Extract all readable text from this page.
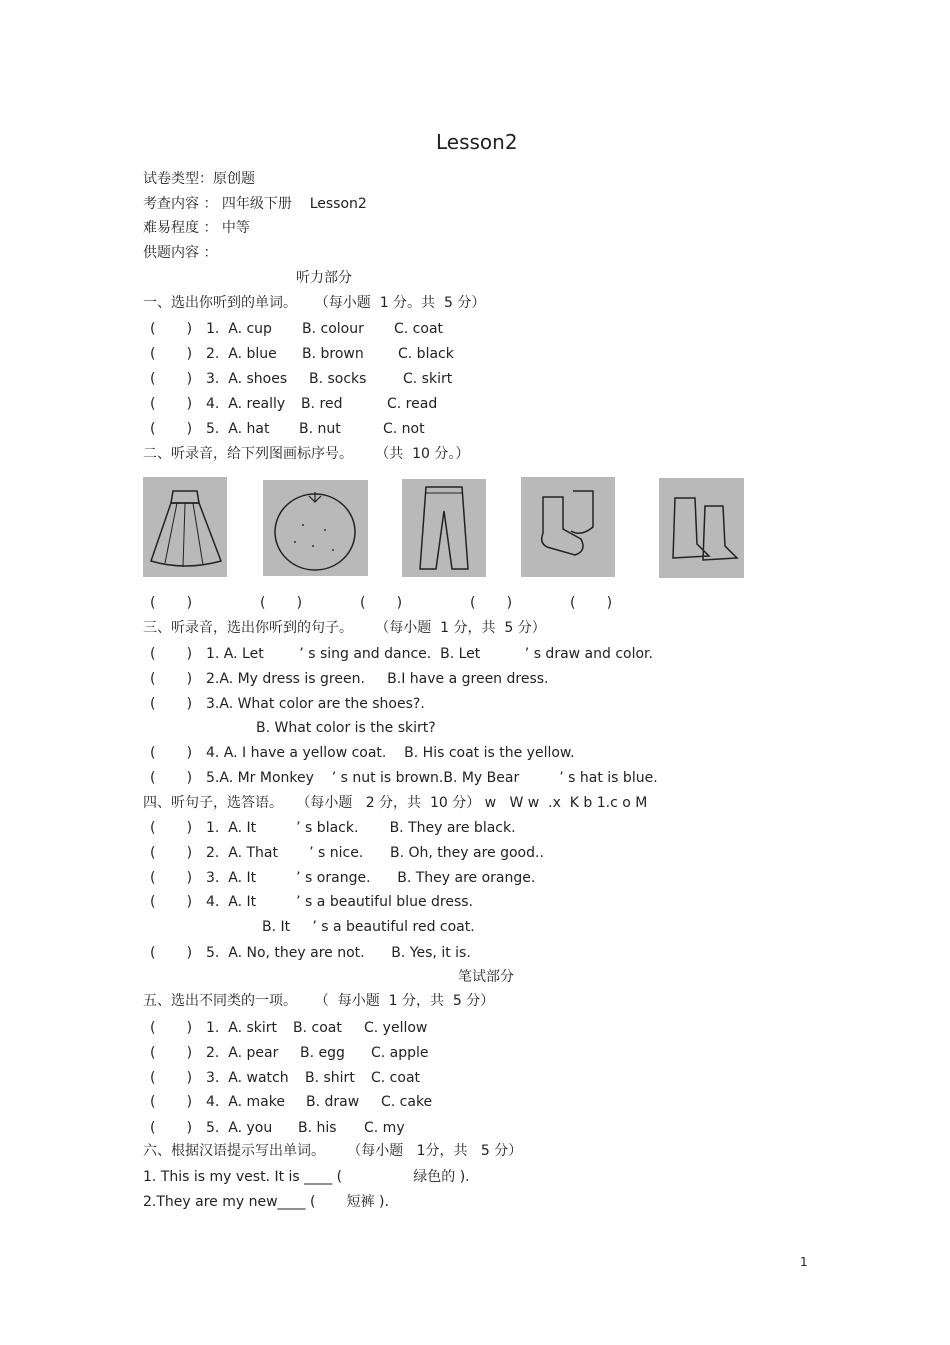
Lesson2
试卷类型：原创题
考查内容 ： 四年级下册    Lesson2
难易程度 ： 中等
供题内容 ：
听力部分
一、选出你听到的单词。    （每小题  1 分。共  5 分）
(       ) 1.  A. cup B. colour C. coat
(       ) 2.  A. blue B. brown C. black
(       ) 3.  A. shoes B. socks	C. skirt
(       ) 4.  A. really B. red	C. read
(       ) 5.  A. hat B. nut	C. not
二、听录音，给下列图画标序号。     （共  10 分。）
(       )	(       )	(       )	(       )	(       )
三、听录音，选出你听到的句子。     （每小题  1 分，共  5 分）
(       ) 1. A. Let        ’ s sing and dance.  B. Let          ’ s draw and color.
(       ) 2.A. My dress is green.     B.I have a green dress.
(       ) 3.A. What color are the shoes?.
B. What color is the skirt?
(       ) 4. A. I have a yellow coat.    B. His coat is the yellow.
(       ) 5.A. Mr Monkey    ’ s nut is brown.B. My Bear         ’ s hat is blue.
四、听句子，选答语。   （每小题   2 分，共  10 分） w   W w  .x  K b 1.c o M
(       ) 1.  A. It         ’ s black.       B. They are black.
(       ) 2.  A. That       ’ s nice.      B. Oh, they are good..
(       ) 3.  A. It         ’ s orange.      B. They are orange.
(       ) 4.  A. It         ’ s a beautiful blue dress.
B. It     ’ s a beautiful red coat.
(       ) 5.  A. No, they are not.      B. Yes, it is.
笔试部分
五、选出不同类的一项。    （  每小题  1 分，共  5 分）
(       ) 1.  A. skirt B. coat C. yellow
(       ) 2.  A. pear B. egg C. apple
(       ) 3.  A. watch B. shirt C. coat
(       ) 4.  A. make B. draw C. cake
(       ) 5.  A. you B. his C. my
六、根据汉语提示写出单词。     （每小题   1分，共   5 分）
1. This is my vest. It is ____ (                绿色的 ).
2.They are my new____ (       短裤 ).
1
